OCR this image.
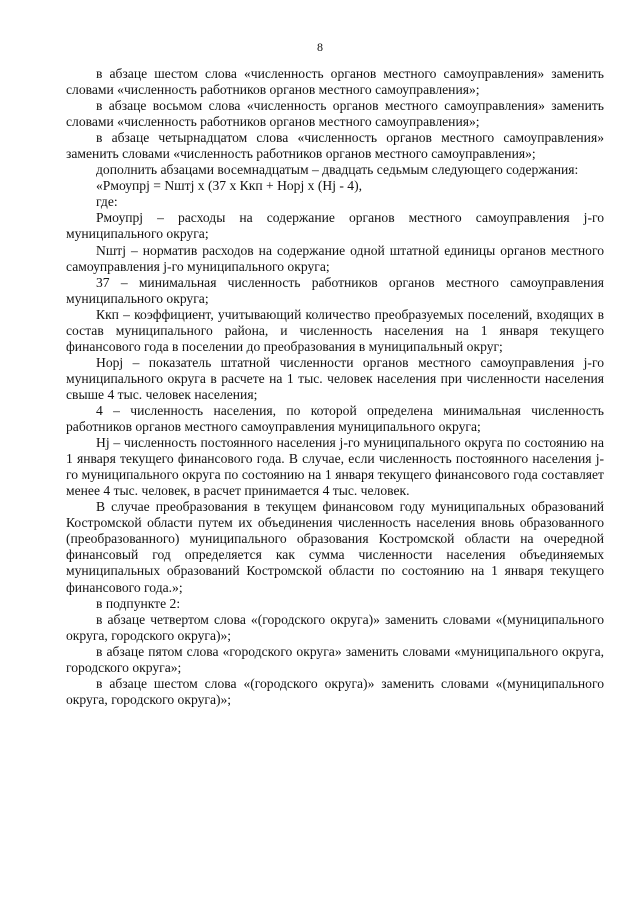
8

в абзаце шестом слова «численность органов местного самоуправления» заменить словами «численность работников органов местного самоуправления»;

в абзаце восьмом слова «численность органов местного самоуправления» заменить словами «численность работников органов местного самоуправления»;

в абзаце четырнадцатом слова «численность органов местного самоуправления» заменить словами «численность работников органов местного самоуправления»;

дополнить абзацами восемнадцатым – двадцать седьмым следующего содержания:

«Рмоупрj = Nштj x (37 x Ккп + Норj x (Нj - 4),

где:

Рмоупрj – расходы на содержание органов местного самоуправления j-го муниципального округа;

Nштj – норматив расходов на содержание одной штатной единицы органов местного самоуправления j-го муниципального округа;

37 – минимальная численность работников органов местного самоуправления муниципального округа;

Ккп – коэффициент, учитывающий количество преобразуемых поселений, входящих в состав муниципального района, и численность населения на 1 января текущего финансового года в поселении до преобразования в муниципальный округ;

Норj – показатель штатной численности органов местного самоуправления j-го муниципального округа в расчете на 1 тыс. человек населения при численности населения свыше 4 тыс. человек населения;

4 – численность населения, по которой определена минимальная численность работников органов местного самоуправления муниципального округа;

Нj – численность постоянного населения j-го муниципального округа по состоянию на 1 января текущего финансового года. В случае, если численность постоянного населения j-го муниципального округа по состоянию на 1 января текущего финансового года составляет менее 4 тыс. человек, в расчет принимается 4 тыс. человек.

В случае преобразования в текущем финансовом году муниципальных образований Костромской области путем их объединения численность населения вновь образованного (преобразованного) муниципального образования Костромской области на очередной финансовый год определяется как сумма численности населения объединяемых муниципальных образований Костромской области по состоянию на 1 января текущего финансового года.»;

в подпункте 2:

в абзаце четвертом слова «(городского округа)» заменить словами «(муниципального округа, городского округа)»;

в абзаце пятом слова «городского округа» заменить словами «муниципального округа, городского округа»;

в абзаце шестом слова «(городского округа)» заменить словами «(муниципального округа, городского округа)»;
